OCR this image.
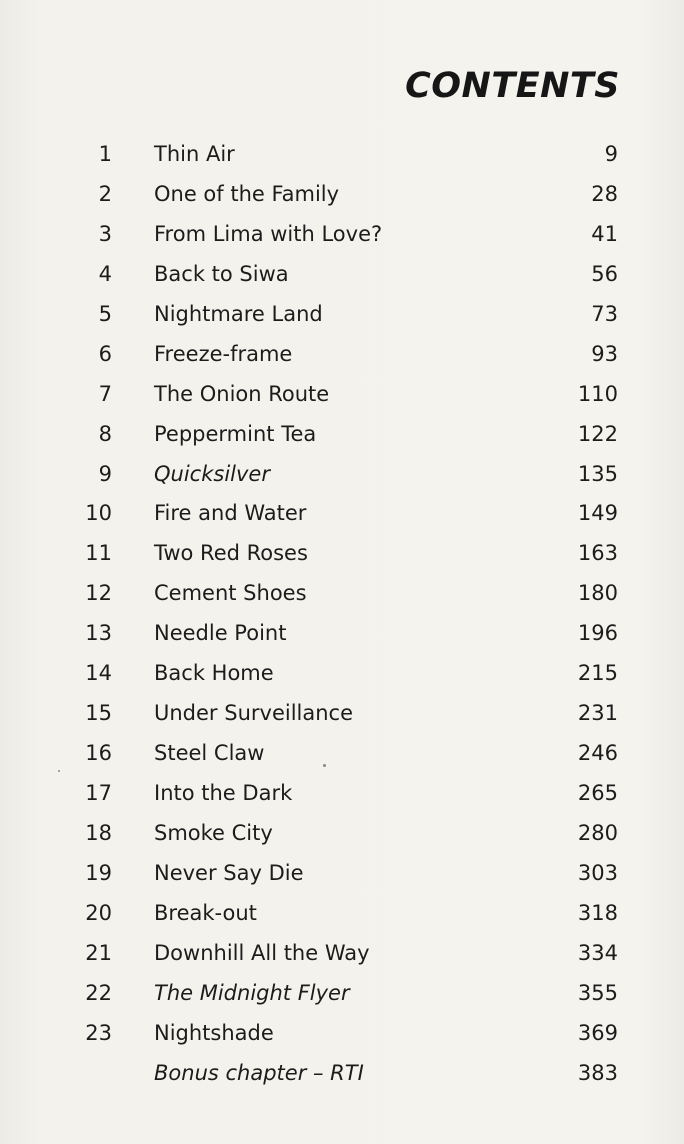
CONTENTS
1 Thin Air	9
2 One of the Family	28
3 From Lima with Love?	41
4 Back to Siwa	56
5 Nightmare Land	73
6 Freeze-frame	93
7 The Onion Route	110
8 Peppermint Tea	122
9 Quicksilver	135
10 Fire and Water	149
11 Two Red Roses	163
12 Cement Shoes	180
13 Needle Point	196
14 Back Home	215
15 Under Surveillance	231
16 Steel Claw	246
17 Into the Dark	265
18 Smoke City	280
19 Never Say Die	303
20 Break-out	318
21 Downhill All the Way	334
22 The Midnight Flyer	355
23 Nightshade	369
Bonus chapter – RTI	383
